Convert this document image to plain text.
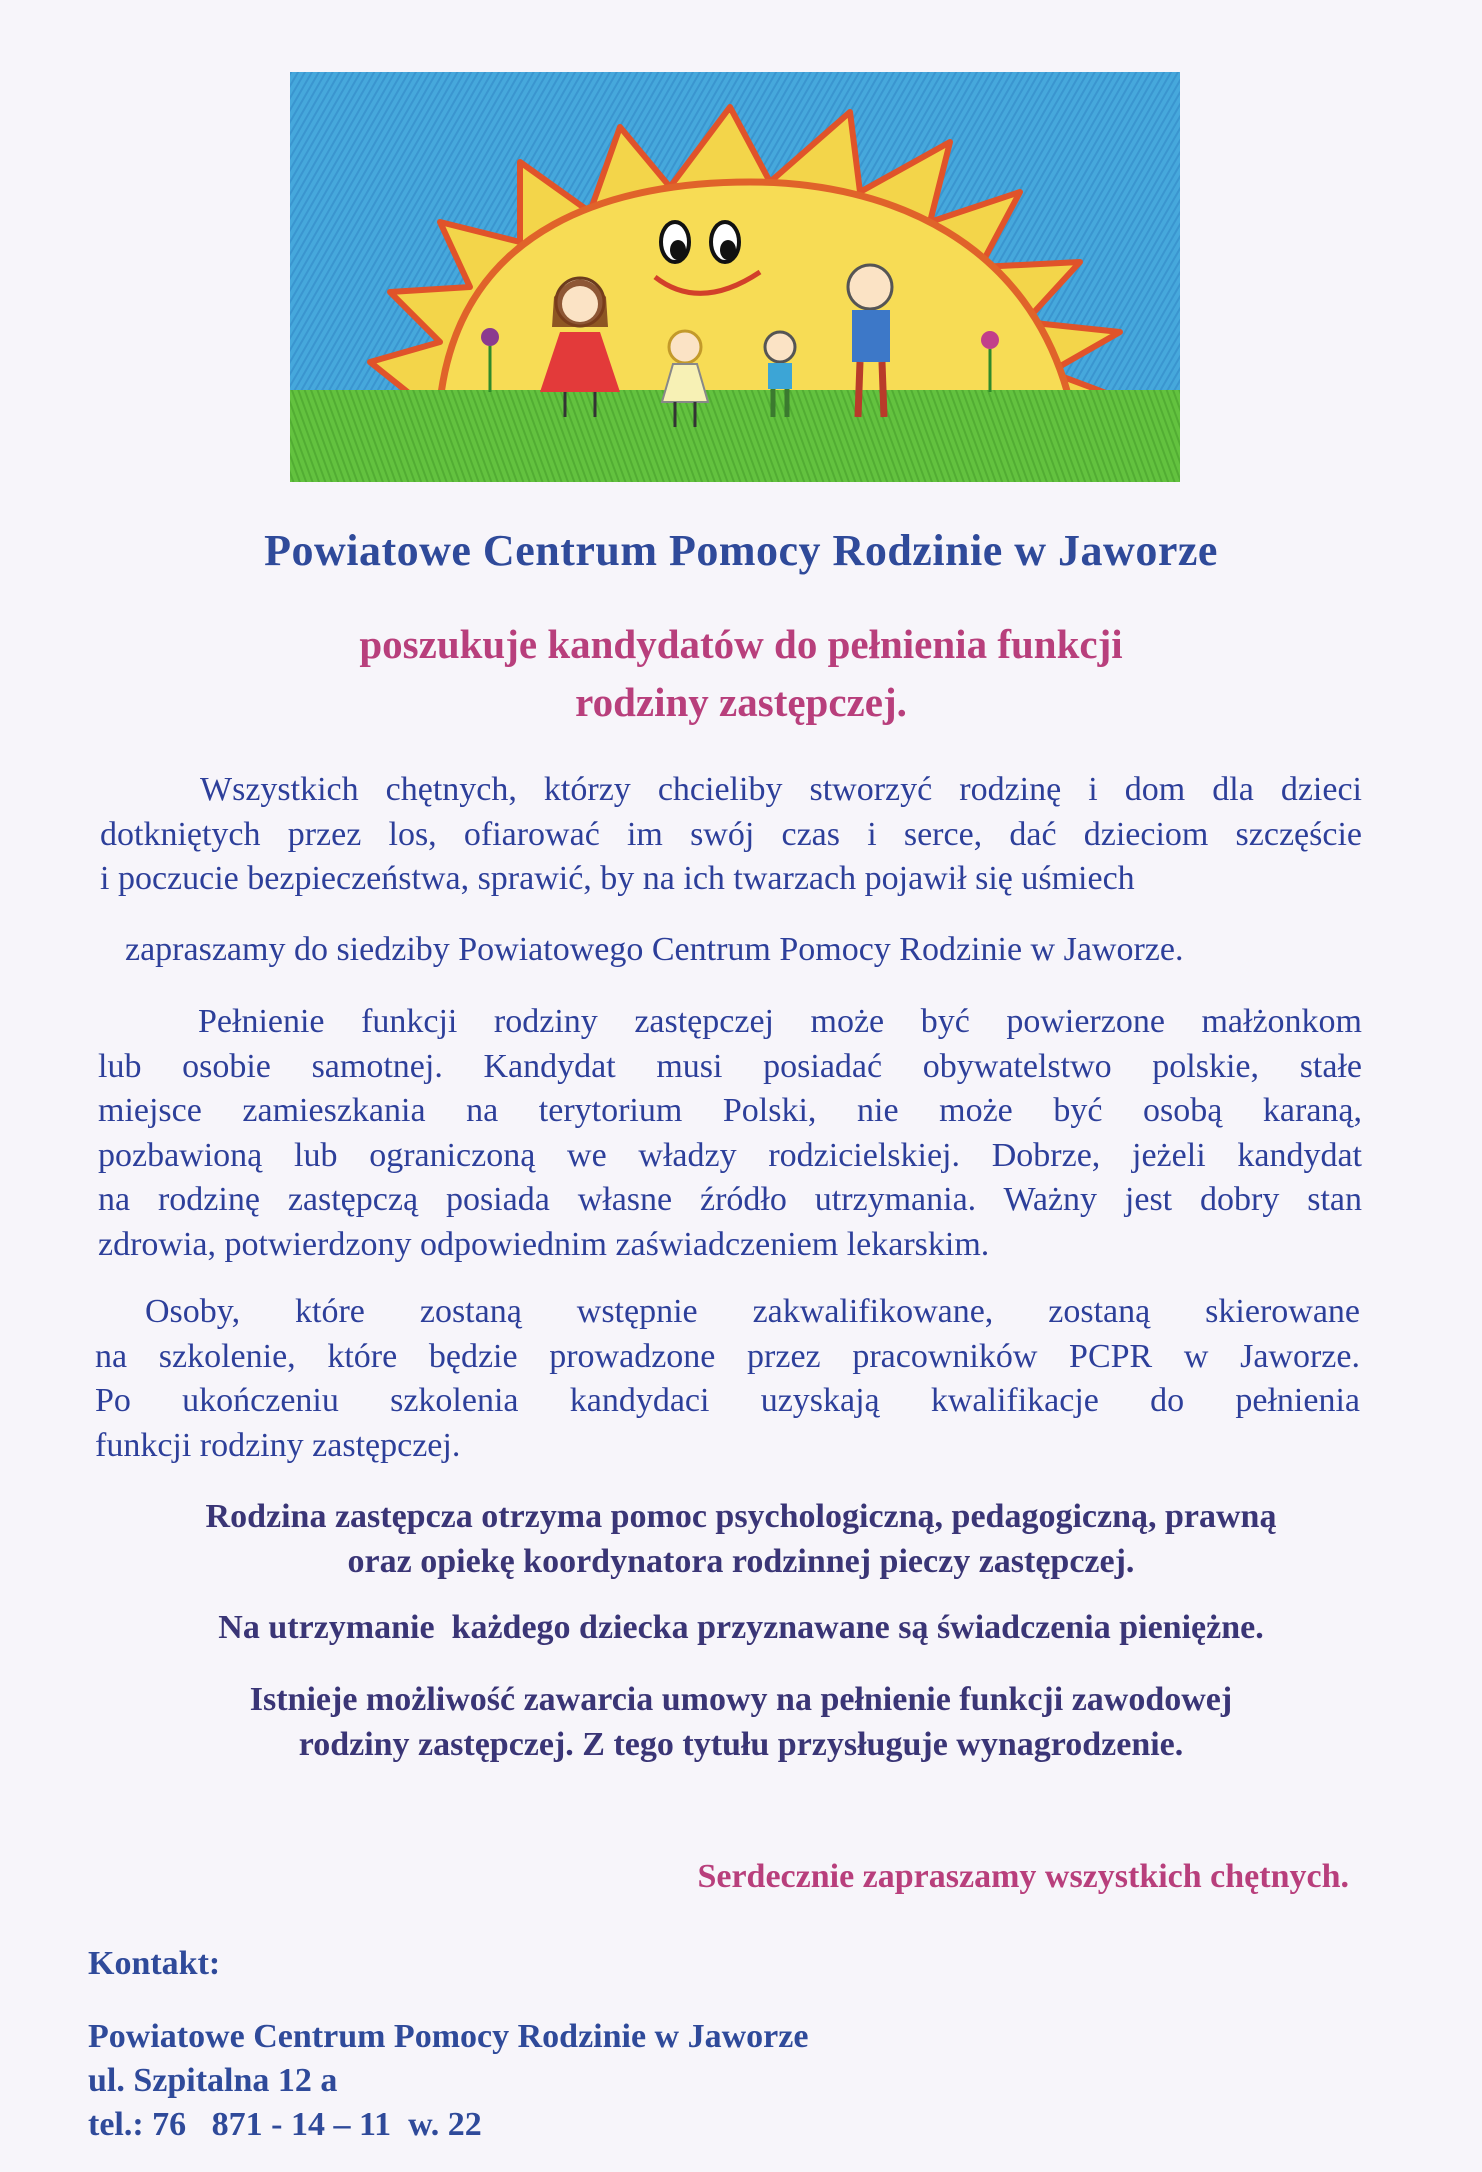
Powiatowe Centrum Pomocy Rodzinie w Jaworze
poszukuje kandydatów do pełnienia funkcji
rodziny zastępczej.
Wszystkich chętnych, którzy chcieliby stworzyć rodzinę i dom dla dzieci
dotkniętych przez los, ofiarować im swój czas i serce, dać dzieciom szczęście
i poczucie bezpieczeństwa, sprawić, by na ich twarzach pojawił się uśmiech
zapraszamy do siedziby Powiatowego Centrum Pomocy Rodzinie w Jaworze.
Pełnienie funkcji rodziny zastępczej może być powierzone małżonkom
lub osobie samotnej. Kandydat musi posiadać obywatelstwo polskie, stałe
miejsce zamieszkania na terytorium Polski, nie może być osobą karaną,
pozbawioną lub ograniczoną we władzy rodzicielskiej. Dobrze, jeżeli kandydat
na rodzinę zastępczą posiada własne źródło utrzymania. Ważny jest dobry stan
zdrowia, potwierdzony odpowiednim zaświadczeniem lekarskim.
Osoby, które zostaną wstępnie zakwalifikowane, zostaną skierowane
na szkolenie, które będzie prowadzone przez pracowników PCPR w Jaworze.
Po ukończeniu szkolenia kandydaci uzyskają kwalifikacje do pełnienia
funkcji rodziny zastępczej.
Rodzina zastępcza otrzyma pomoc psychologiczną, pedagogiczną, prawną
oraz opiekę koordynatora rodzinnej pieczy zastępczej.
Na utrzymanie  każdego dziecka przyznawane są świadczenia pieniężne.
Istnieje możliwość zawarcia umowy na pełnienie funkcji zawodowej
rodziny zastępczej. Z tego tytułu przysługuje wynagrodzenie.
Serdecznie zapraszamy wszystkich chętnych.
Kontakt:
Powiatowe Centrum Pomocy Rodzinie w Jaworze
ul. Szpitalna 12 a
tel.: 76   871 - 14 – 11  w. 22
